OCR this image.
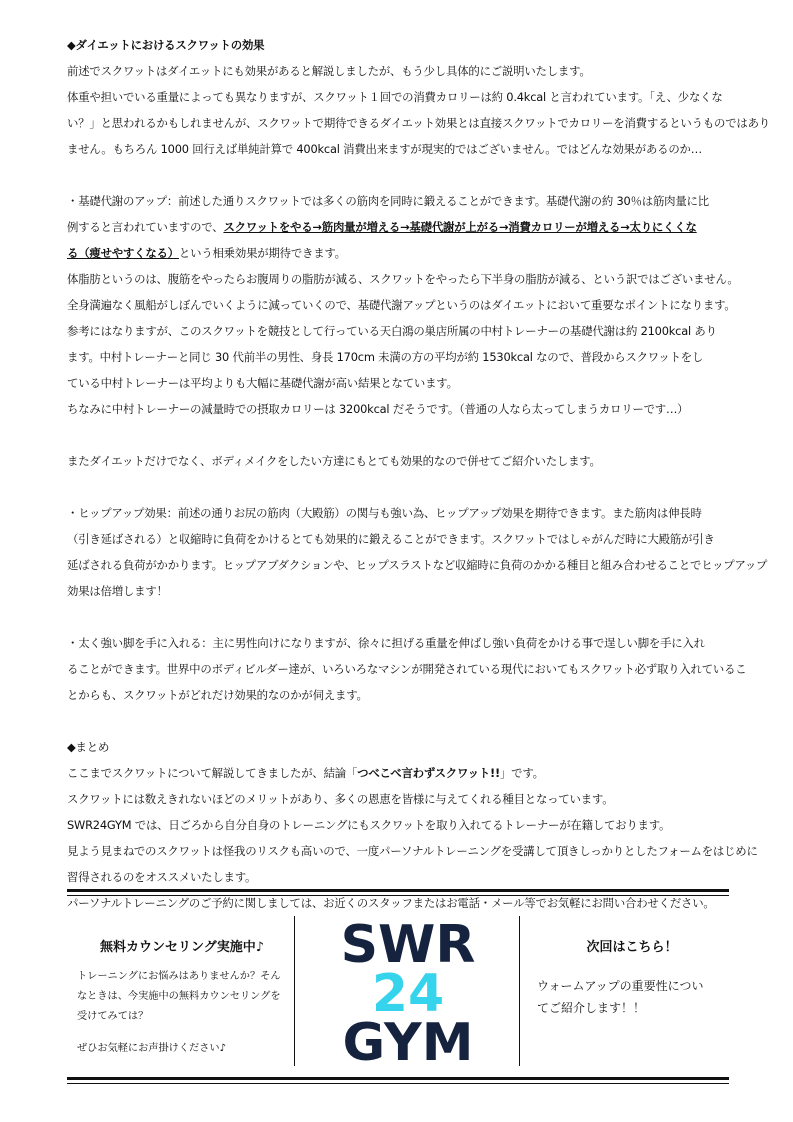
◆ダイエットにおけるスクワットの効果
前述でスクワットはダイエットにも効果があると解説しましたが、もう少し具体的にご説明いたします。
体重や担いでいる重量によっても異なりますが、スクワット１回での消費カロリーは約 0.4kcal と言われています。「え、少なくな
い？」と思われるかもしれませんが、スクワットで期待できるダイエット効果とは直接スクワットでカロリーを消費するというものではあり
ません。もちろん 1000 回行えば単純計算で 400kcal 消費出来ますが現実的ではございません。ではどんな効果があるのか…
・基礎代謝のアップ：前述した通りスクワットでは多くの筋肉を同時に鍛えることができます。基礎代謝の約 30％は筋肉量に比
例すると言われていますので、スクワットをやる→筋肉量が増える→基礎代謝が上がる→消費カロリーが増える→太りにくくな
る（痩せやすくなる）という相乗効果が期待できます。
体脂肪というのは、腹筋をやったらお腹周りの脂肪が減る、スクワットをやったら下半身の脂肪が減る、という訳ではございません。
全身満遍なく風船がしぼんでいくように減っていくので、基礎代謝アップというのはダイエットにおいて重要なポイントになります。
参考にはなりますが、このスクワットを競技として行っている天白鴻の巣店所属の中村トレーナーの基礎代謝は約 2100kcal あり
ます。中村トレーナーと同じ 30 代前半の男性、身長 170cm 未満の方の平均が約 1530kcal なので、普段からスクワットをし
ている中村トレーナーは平均よりも大幅に基礎代謝が高い結果となています。
ちなみに中村トレーナーの減量時での摂取カロリーは 3200kcal だそうです。（普通の人なら太ってしまうカロリーです…）
またダイエットだけでなく、ボディメイクをしたい方達にもとても効果的なので併せてご紹介いたします。
・ヒップアップ効果：前述の通りお尻の筋肉（大殿筋）の関与も強い為、ヒップアップ効果を期待できます。また筋肉は伸長時
（引き延ばされる）と収縮時に負荷をかけるとても効果的に鍛えることができます。スクワットではしゃがんだ時に大殿筋が引き
延ばされる負荷がかかります。ヒップアブダクションや、ヒップスラストなど収縮時に負荷のかかる種目と組み合わせることでヒップアップ
効果は倍増します！
・太く強い脚を手に入れる：主に男性向けになりますが、徐々に担げる重量を伸ばし強い負荷をかける事で逞しい脚を手に入れ
ることができます。世界中のボディビルダー達が、いろいろなマシンが開発されている現代においてもスクワット必ず取り入れているこ
とからも、スクワットがどれだけ効果的なのかが伺えます。
◆まとめ
ここまでスクワットについて解説してきましたが、結論「つべこべ言わずスクワット!!」です。
スクワットには数えきれないほどのメリットがあり、多くの恩恵を皆様に与えてくれる種目となっています。
SWR24GYM では、日ごろから自分自身のトレーニングにもスクワットを取り入れてるトレーナーが在籍しております。
見よう見まねでのスクワットは怪我のリスクも高いので、一度パーソナルトレーニングを受講して頂きしっかりとしたフォームをはじめに
習得されるのをオススメいたします。
パーソナルトレーニングのご予約に関しましては、お近くのスタッフまたはお電話・メール等でお気軽にお問い合わせください。
無料カウンセリング実施中♪
トレーニングにお悩みはありませんか？そん
なときは、今実施中の無料カウンセリングを
受けてみては？
ぜひお気軽にお声掛けください♪
SWR
24
GYM
次回はこちら！
ウォームアップの重要性につい
てご紹介します！！
